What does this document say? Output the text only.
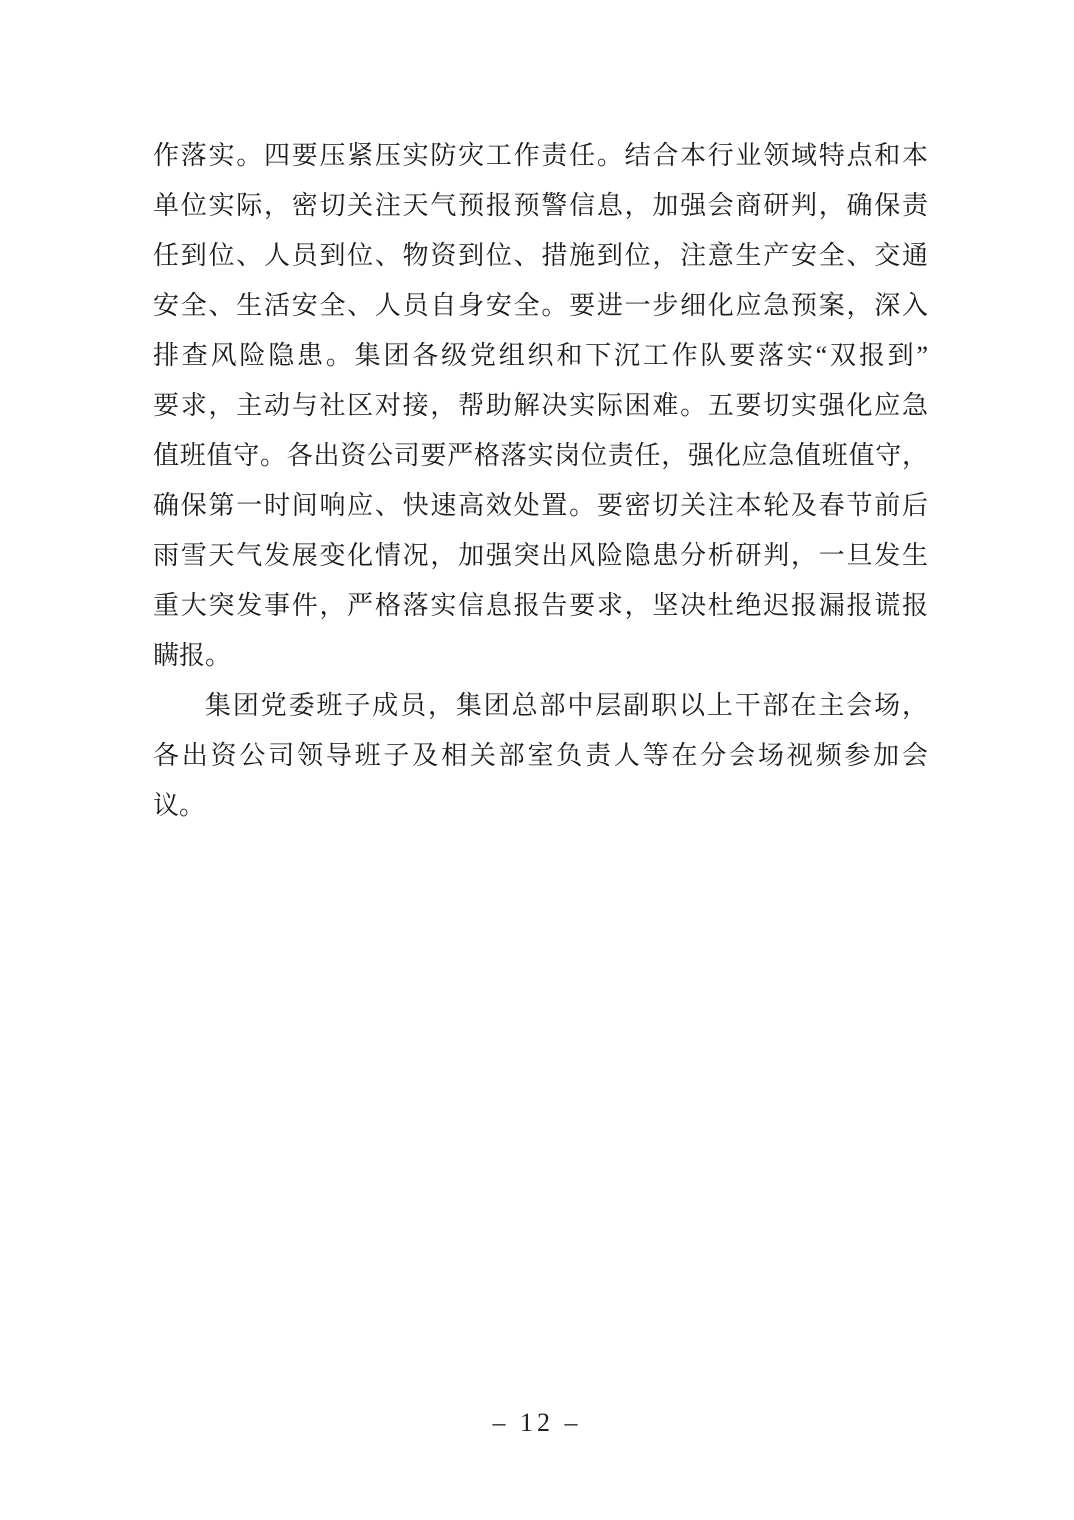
作落实。四要压紧压实防灾工作责任。结合本行业领域特点和本
单位实际，密切关注天气预报预警信息，加强会商研判，确保责
任到位、人员到位、物资到位、措施到位，注意生产安全、交通
安全、生活安全、人员自身安全。要进一步细化应急预案，深入
排查风险隐患。集团各级党组织和下沉工作队要落实“双报到”
要求，主动与社区对接，帮助解决实际困难。五要切实强化应急
值班值守。各出资公司要严格落实岗位责任，强化应急值班值守，
确保第一时间响应、快速高效处置。要密切关注本轮及春节前后
雨雪天气发展变化情况，加强突出风险隐患分析研判，一旦发生
重大突发事件，严格落实信息报告要求，坚决杜绝迟报漏报谎报
瞒报。
集团党委班子成员，集团总部中层副职以上干部在主会场，
各出资公司领导班子及相关部室负责人等在分会场视频参加会
议。
– 12 –
